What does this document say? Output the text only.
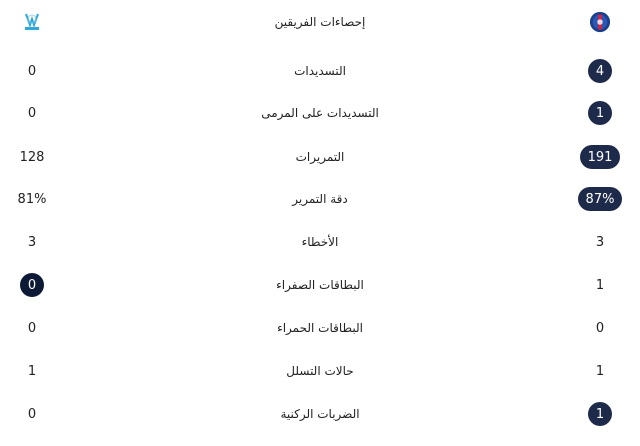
إحصاءات الفريقين
0	التسديدات	4
0	التسديدات على المرمى	1
128	التمريرات	191
81%	دقة التمرير	87%
3	الأخطاء	3
0	البطاقات الصفراء	1
0	البطاقات الحمراء	0
1	حالات التسلل	1
0	الضربات الركنية	1
